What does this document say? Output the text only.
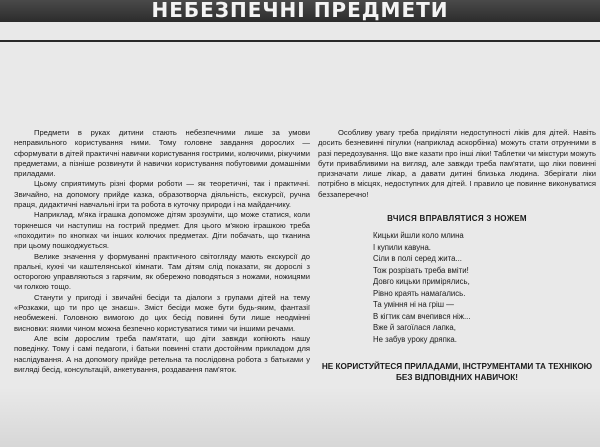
НЕБЕЗПЕЧНІ ПРЕДМЕТИ

Предмети в руках дитини стають небезпечними лише за умови неправильного користування ними. Тому головне завдання дорослих — сформувати в дітей практичні навички користування гострими, колючими, ріжучими предметами, а пізніше розвинути й навички користування побутовими домашніми приладами.

Цьому сприятимуть різні форми роботи — як теоретичні, так і практичні. Звичайно, на допомогу прийде казка, образотворча діяльність, екскурсії, ручна праця, дидактичні навчальні ігри та робота в куточку природи і на майданчику.

Наприклад, м'яка іграшка допоможе дітям зрозуміти, що може статися, коли торкнешся чи наступиш на гострий предмет. Для цього м'якою іграшкою треба «походити» по кнопках чи інших колючих предметах. Діти побачать, що тканина при цьому пошкоджується.

Велике значення у формуванні практичного світогляду мають екскурсії до пральні, кухні чи каштелянської кімнати. Там дітям слід показати, як дорослі з осторогою управляються з гарячим, як обережно поводяться з ножами, ножицями чи голкою тощо.

Станути у пригоді і звичайні бесіди та діалоги з групами дітей на тему «Розкажи, що ти про це знаєш». Зміст бесіди може бути будь-яким, фантазії необмежені. Головною вимогою до цих бесід повинні бути лише неодмінні висновки: якими чином можна безпечно користуватися тими чи іншими речами.

Але всім дорослим треба пам'ятати, що діти завжди копіюють нашу поведінку. Тому і самі педагоги, і батьки повинні стати достойним прикладом для наслідування. А на допомогу прийде ретельна та послідовна робота з батьками у вигляді бесід, консультацій, анкетування, роздавання пам'яток.

Особливу увагу треба приділяти недоступності ліків для дітей. Навіть досить безневинні пігулки (наприклад аскорбінка) можуть стати отрунними в разі передозування. Що вже казати про інші ліки! Таблетки чи мікстури можуть бути привабливими на вигляд, але завжди треба пам'ятати, що ліки повинні призначати лише лікар, а давати дитині близька людина. Зберігати ліки потрібно в місцях, недоступних для дітей. І правило це повинне виконуватися беззаперечно!

ВЧИСЯ ВПРАВЛЯТИСЯ З НОЖЕМ
Кицьки йшли коло млина
І купили кавуна.
Сіли в полі серед жита...
Тож розрізать треба вміти!
Довго кицьки примірялись,
Рівно краять намагались.
Та уміння ні на гріш —
В кігтик сам вчепився ніж...
Вже й загоїлася лапка,
Не забув уроку дряпка.
НЕ КОРИСТУЙТЕСЯ ПРИЛАДАМИ, ІНСТРУМЕНТАМИ ТА ТЕХНІКОЮ
БЕЗ ВІДПОВІДНИХ НАВИЧОК!
